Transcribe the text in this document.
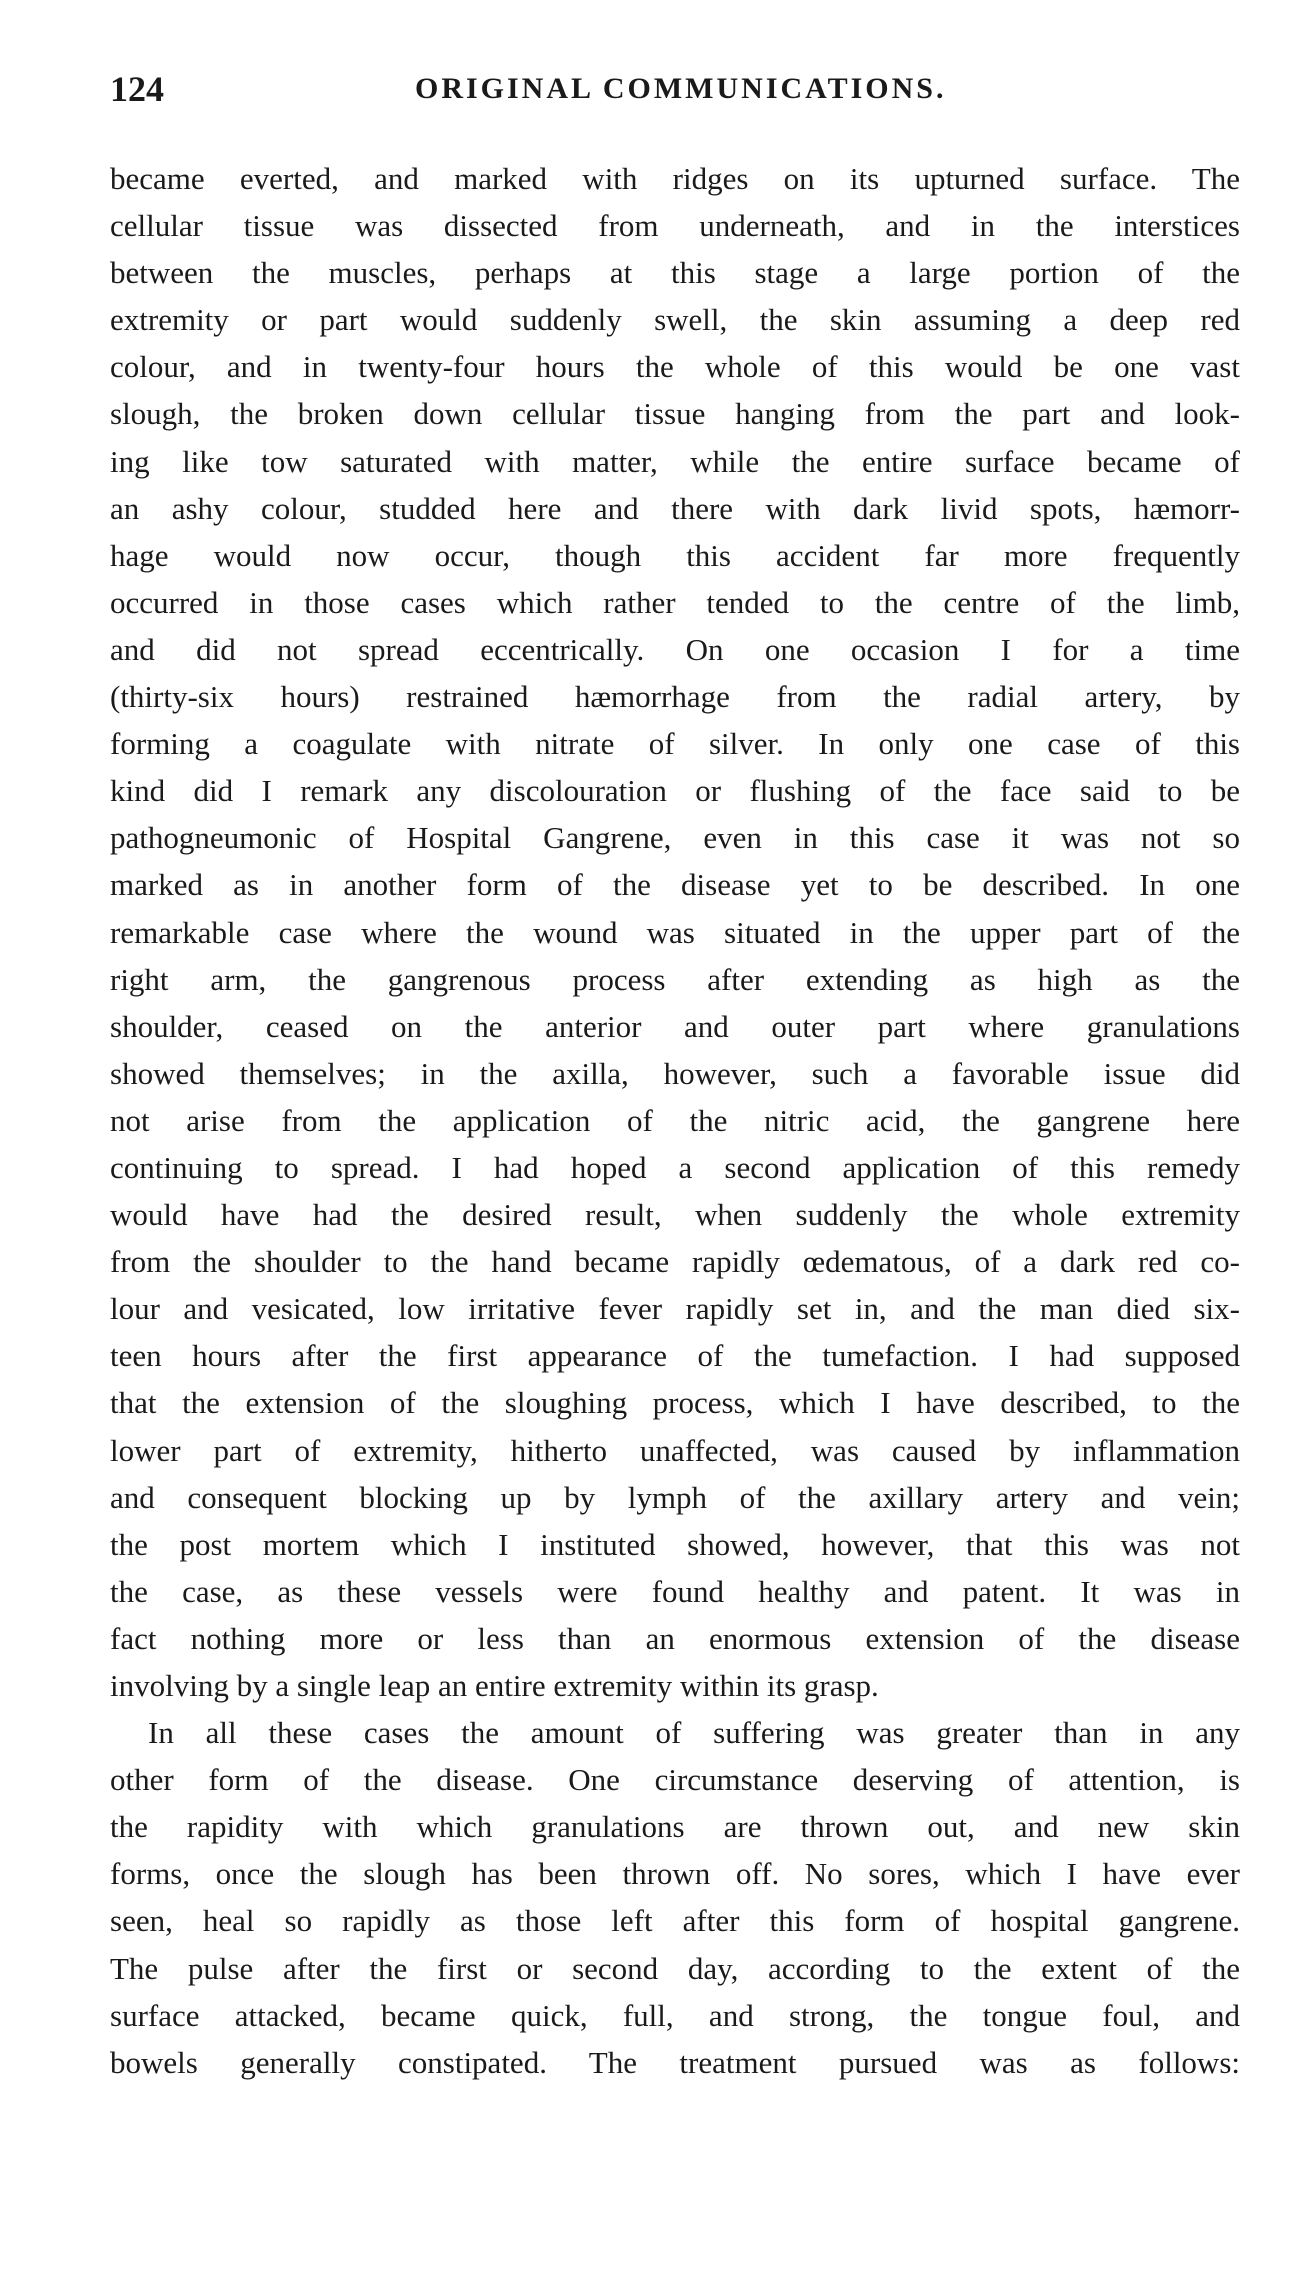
124	ORIGINAL COMMUNICATIONS.
became everted, and marked with ridges on its upturned surface. The
cellular tissue was dissected from underneath, and in the interstices
between the muscles, perhaps at this stage a large portion of the
extremity or part would suddenly swell, the skin assuming a deep red
colour, and in twenty-four hours the whole of this would be one vast
slough, the broken down cellular tissue hanging from the part and look-
ing like tow saturated with matter, while the entire surface became of
an ashy colour, studded here and there with dark livid spots, hæmorr-
hage would now occur, though this accident far more frequently
occurred in those cases which rather tended to the centre of the limb,
and did not spread eccentrically. On one occasion I for a time
(thirty-six hours) restrained hæmorrhage from the radial artery, by
forming a coagulate with nitrate of silver. In only one case of this
kind did I remark any discolouration or flushing of the face said to be
pathogneumonic of Hospital Gangrene, even in this case it was not so
marked as in another form of the disease yet to be described. In one
remarkable case where the wound was situated in the upper part of the
right arm, the gangrenous process after extending as high as the
shoulder, ceased on the anterior and outer part where granulations
showed themselves; in the axilla, however, such a favorable issue did
not arise from the application of the nitric acid, the gangrene here
continuing to spread. I had hoped a second application of this remedy
would have had the desired result, when suddenly the whole extremity
from the shoulder to the hand became rapidly œdematous, of a dark red co-
lour and vesicated, low irritative fever rapidly set in, and the man died six-
teen hours after the first appearance of the tumefaction. I had supposed
that the extension of the sloughing process, which I have described, to the
lower part of extremity, hitherto unaffected, was caused by inflammation
and consequent blocking up by lymph of the axillary artery and vein;
the post mortem which I instituted showed, however, that this was not
the case, as these vessels were found healthy and patent. It was in
fact nothing more or less than an enormous extension of the disease
involving by a single leap an entire extremity within its grasp.
In all these cases the amount of suffering was greater than in any
other form of the disease. One circumstance deserving of attention, is
the rapidity with which granulations are thrown out, and new skin
forms, once the slough has been thrown off. No sores, which I have ever
seen, heal so rapidly as those left after this form of hospital gangrene.
The pulse after the first or second day, according to the extent of the
surface attacked, became quick, full, and strong, the tongue foul, and
bowels generally constipated. The treatment pursued was as follows:
